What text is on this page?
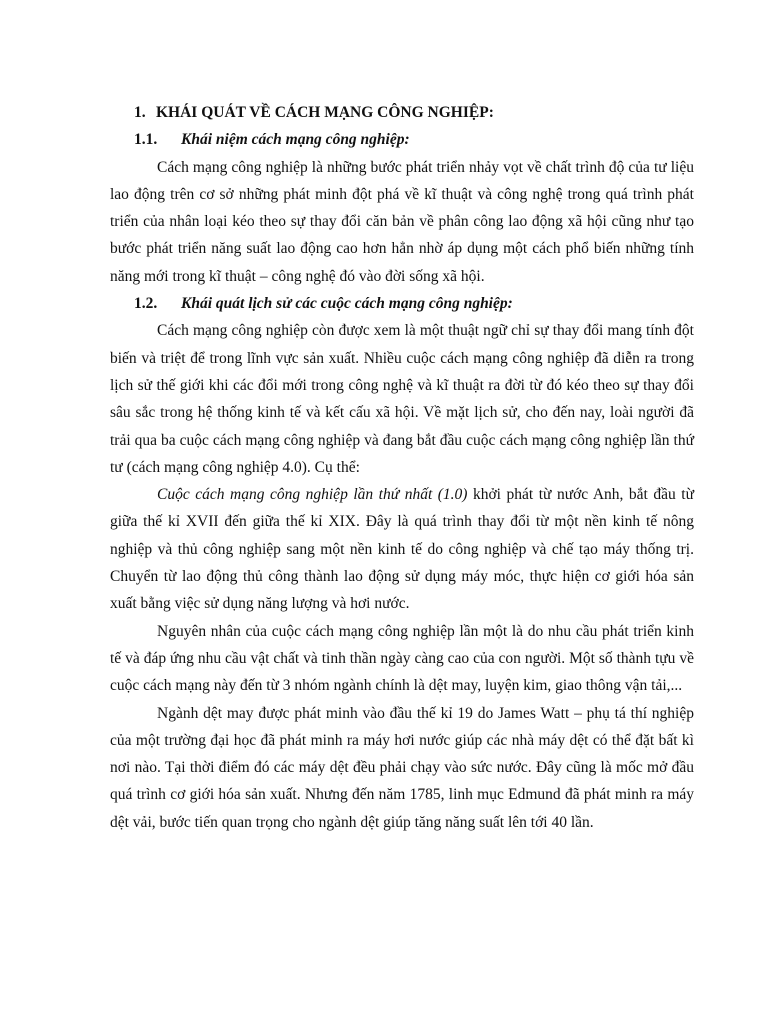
1. KHÁI QUÁT VỀ CÁCH MẠNG CÔNG NGHIỆP:
1.1. Khái niệm cách mạng công nghiệp:

Cách mạng công nghiệp là những bước phát triển nhảy vọt về chất trình độ của tư liệu lao động trên cơ sở những phát minh đột phá về kĩ thuật và công nghệ trong quá trình phát triển của nhân loại kéo theo sự thay đổi căn bản về phân công lao động xã hội cũng như tạo bước phát triển năng suất lao động cao hơn hẳn nhờ áp dụng một cách phổ biến những tính năng mới trong kĩ thuật – công nghệ đó vào đời sống xã hội.

1.2. Khái quát lịch sử các cuộc cách mạng công nghiệp:

Cách mạng công nghiệp còn được xem là một thuật ngữ chỉ sự thay đổi mang tính đột biến và triệt để trong lĩnh vực sản xuất. Nhiều cuộc cách mạng công nghiệp đã diễn ra trong lịch sử thế giới khi các đổi mới trong công nghệ và kĩ thuật ra đời từ đó kéo theo sự thay đổi sâu sắc trong hệ thống kinh tế và kết cấu xã hội. Về mặt lịch sử, cho đến nay, loài người đã trải qua ba cuộc cách mạng công nghiệp và đang bắt đầu cuộc cách mạng công nghiệp lần thứ tư (cách mạng công nghiệp 4.0). Cụ thể:

Cuộc cách mạng công nghiệp lần thứ nhất (1.0) khởi phát từ nước Anh, bắt đầu từ giữa thế kỉ XVII đến giữa thế kỉ XIX. Đây là quá trình thay đổi từ một nền kinh tế nông nghiệp và thủ công nghiệp sang một nền kinh tế do công nghiệp và chế tạo máy thống trị. Chuyển từ lao động thủ công thành lao động sử dụng máy móc, thực hiện cơ giới hóa sản xuất bằng việc sử dụng năng lượng và hơi nước.

Nguyên nhân của cuộc cách mạng công nghiệp lần một là do nhu cầu phát triển kinh tế và đáp ứng nhu cầu vật chất và tinh thần ngày càng cao của con người. Một số thành tựu về cuộc cách mạng này đến từ 3 nhóm ngành chính là dệt may, luyện kim, giao thông vận tải,...

Ngành dệt may được phát minh vào đầu thế kỉ 19 do James Watt – phụ tá thí nghiệp của một trường đại học đã phát minh ra máy hơi nước giúp các nhà máy dệt có thể đặt bất kì nơi nào. Tại thời điểm đó các máy dệt đều phải chạy vào sức nước. Đây cũng là mốc mở đầu quá trình cơ giới hóa sản xuất. Nhưng đến năm 1785, linh mục Edmund đã phát minh ra máy dệt vải, bước tiến quan trọng cho ngành dệt giúp tăng năng suất lên tới 40 lần.
